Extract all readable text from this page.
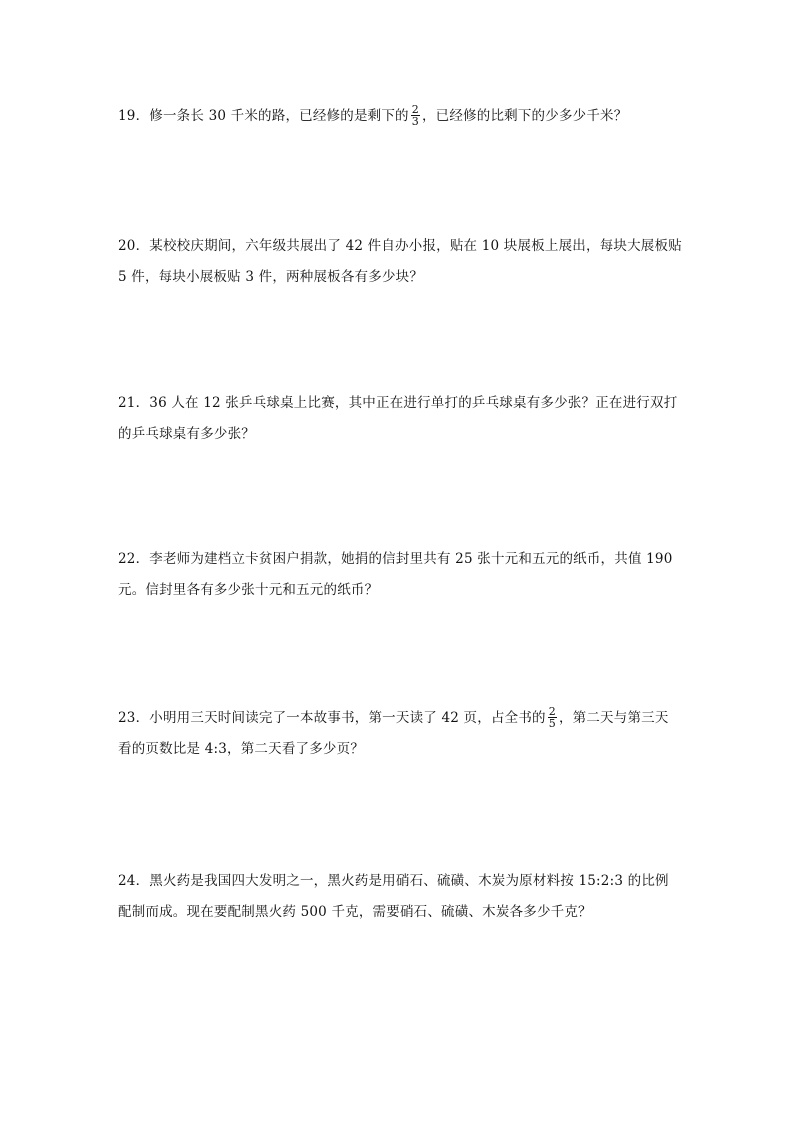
19．修一条长 30 千米的路，已经修的是剩下的 $\frac{2}{3}$ ，已经修的比剩下的少多少千米？
20．某校校庆期间，六年级共展出了 42 件自办小报，贴在 10 块展板上展出，每块大展板贴
5 件，每块小展板贴 3 件，两种展板各有多少块？
21．36 人在 12 张乒乓球桌上比赛，其中正在进行单打的乒乓球桌有多少张？正在进行双打
的乒乓球桌有多少张？
22．李老师为建档立卡贫困户捐款，她捐的信封里共有 25 张十元和五元的纸币，共值 190
元。信封里各有多少张十元和五元的纸币？
23．小明用三天时间读完了一本故事书，第一天读了 42 页，占全书的 $\frac{2}{5}$ ，第二天与第三天
看的页数比是 4:3，第二天看了多少页？
24．黑火药是我国四大发明之一，黑火药是用硝石、硫磺、木炭为原材料按 15:2:3 的比例
配制而成。现在要配制黑火药 500 千克，需要硝石、硫磺、木炭各多少千克？
